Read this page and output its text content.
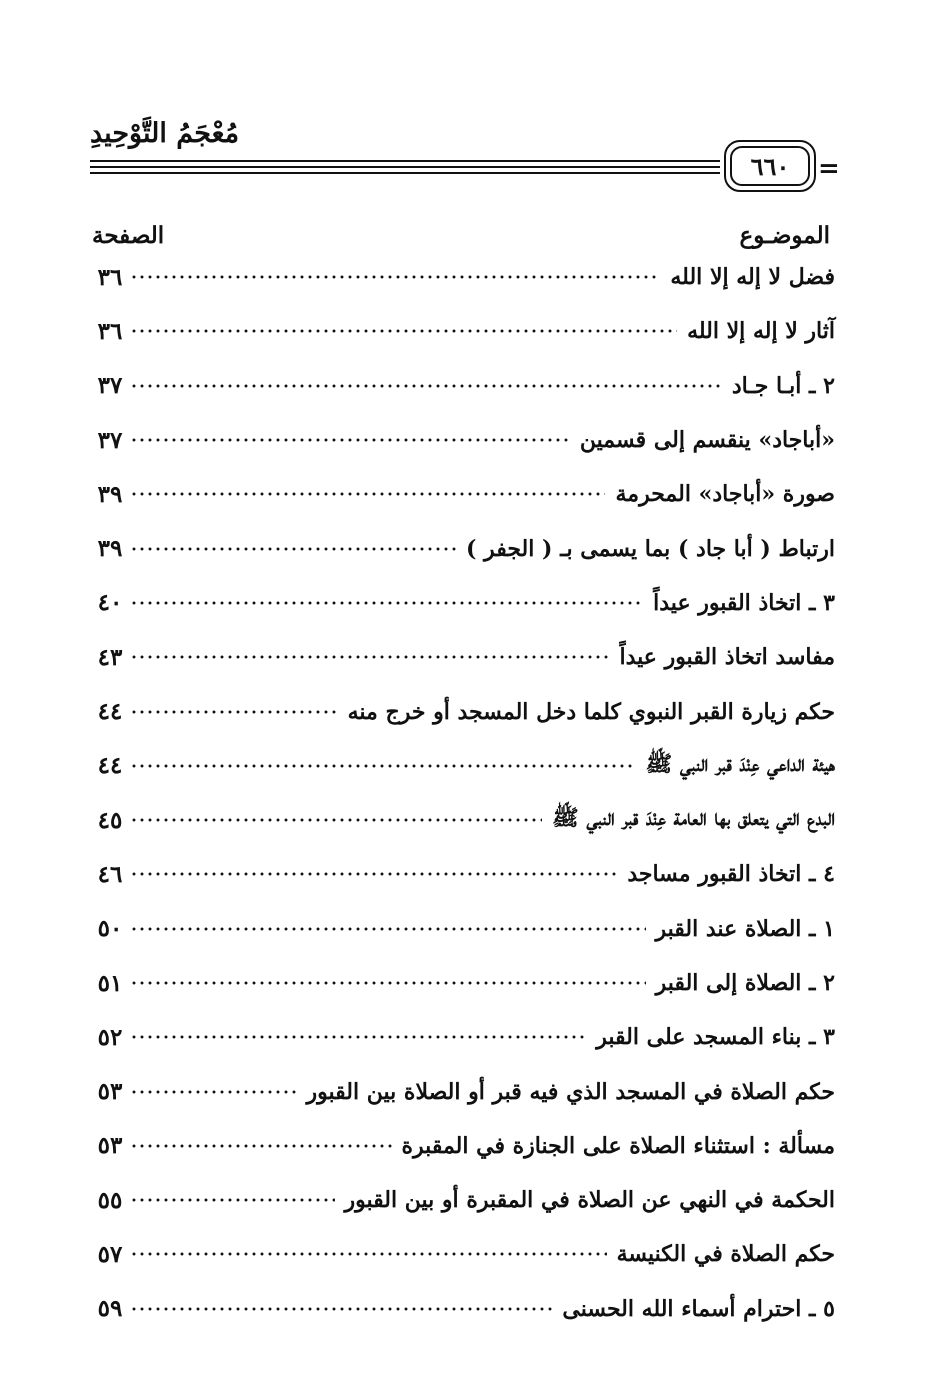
مُعْجَمُ التَّوْحِيدِ
٦٦٠	=
الموضـوع
الصفحة
فضل لا إله إلا الله
٣٦
آثار لا إله إلا الله
٣٦
٢ ـ أبـا جـاد
٣٧
«أباجاد» ينقسم إلى قسمين
٣٧
صورة «أباجاد» المحرمة
٣٩
ارتباط ( أبا جاد ) بما يسمى بـ ( الجفر )
٣٩
٣ ـ اتخاذ القبور عيداً
٤٠
مفاسد اتخاذ القبور عيداً
٤٣
حكم زيارة القبر النبوي كلما دخل المسجد أو خرج منه
٤٤
هيئة الداعي عِنْدَ قبر النبي ﷺ
٤٤
البدع التي يتعلق بها العامة عِنْدَ قبر النبي ﷺ
٤٥
٤ ـ اتخاذ القبور مساجد
٤٦
١ ـ الصلاة عند القبر
٥٠
٢ ـ الصلاة إلى القبر
٥١
٣ ـ بناء المسجد على القبر
٥٢
حكم الصلاة في المسجد الذي فيه قبر أو الصلاة بين القبور
٥٣
مسألة : استثناء الصلاة على الجنازة في المقبرة
٥٣
الحكمة في النهي عن الصلاة في المقبرة أو بين القبور
٥٥
حكم الصلاة في الكنيسة
٥٧
٥ ـ احترام أسماء الله الحسنى
٥٩
